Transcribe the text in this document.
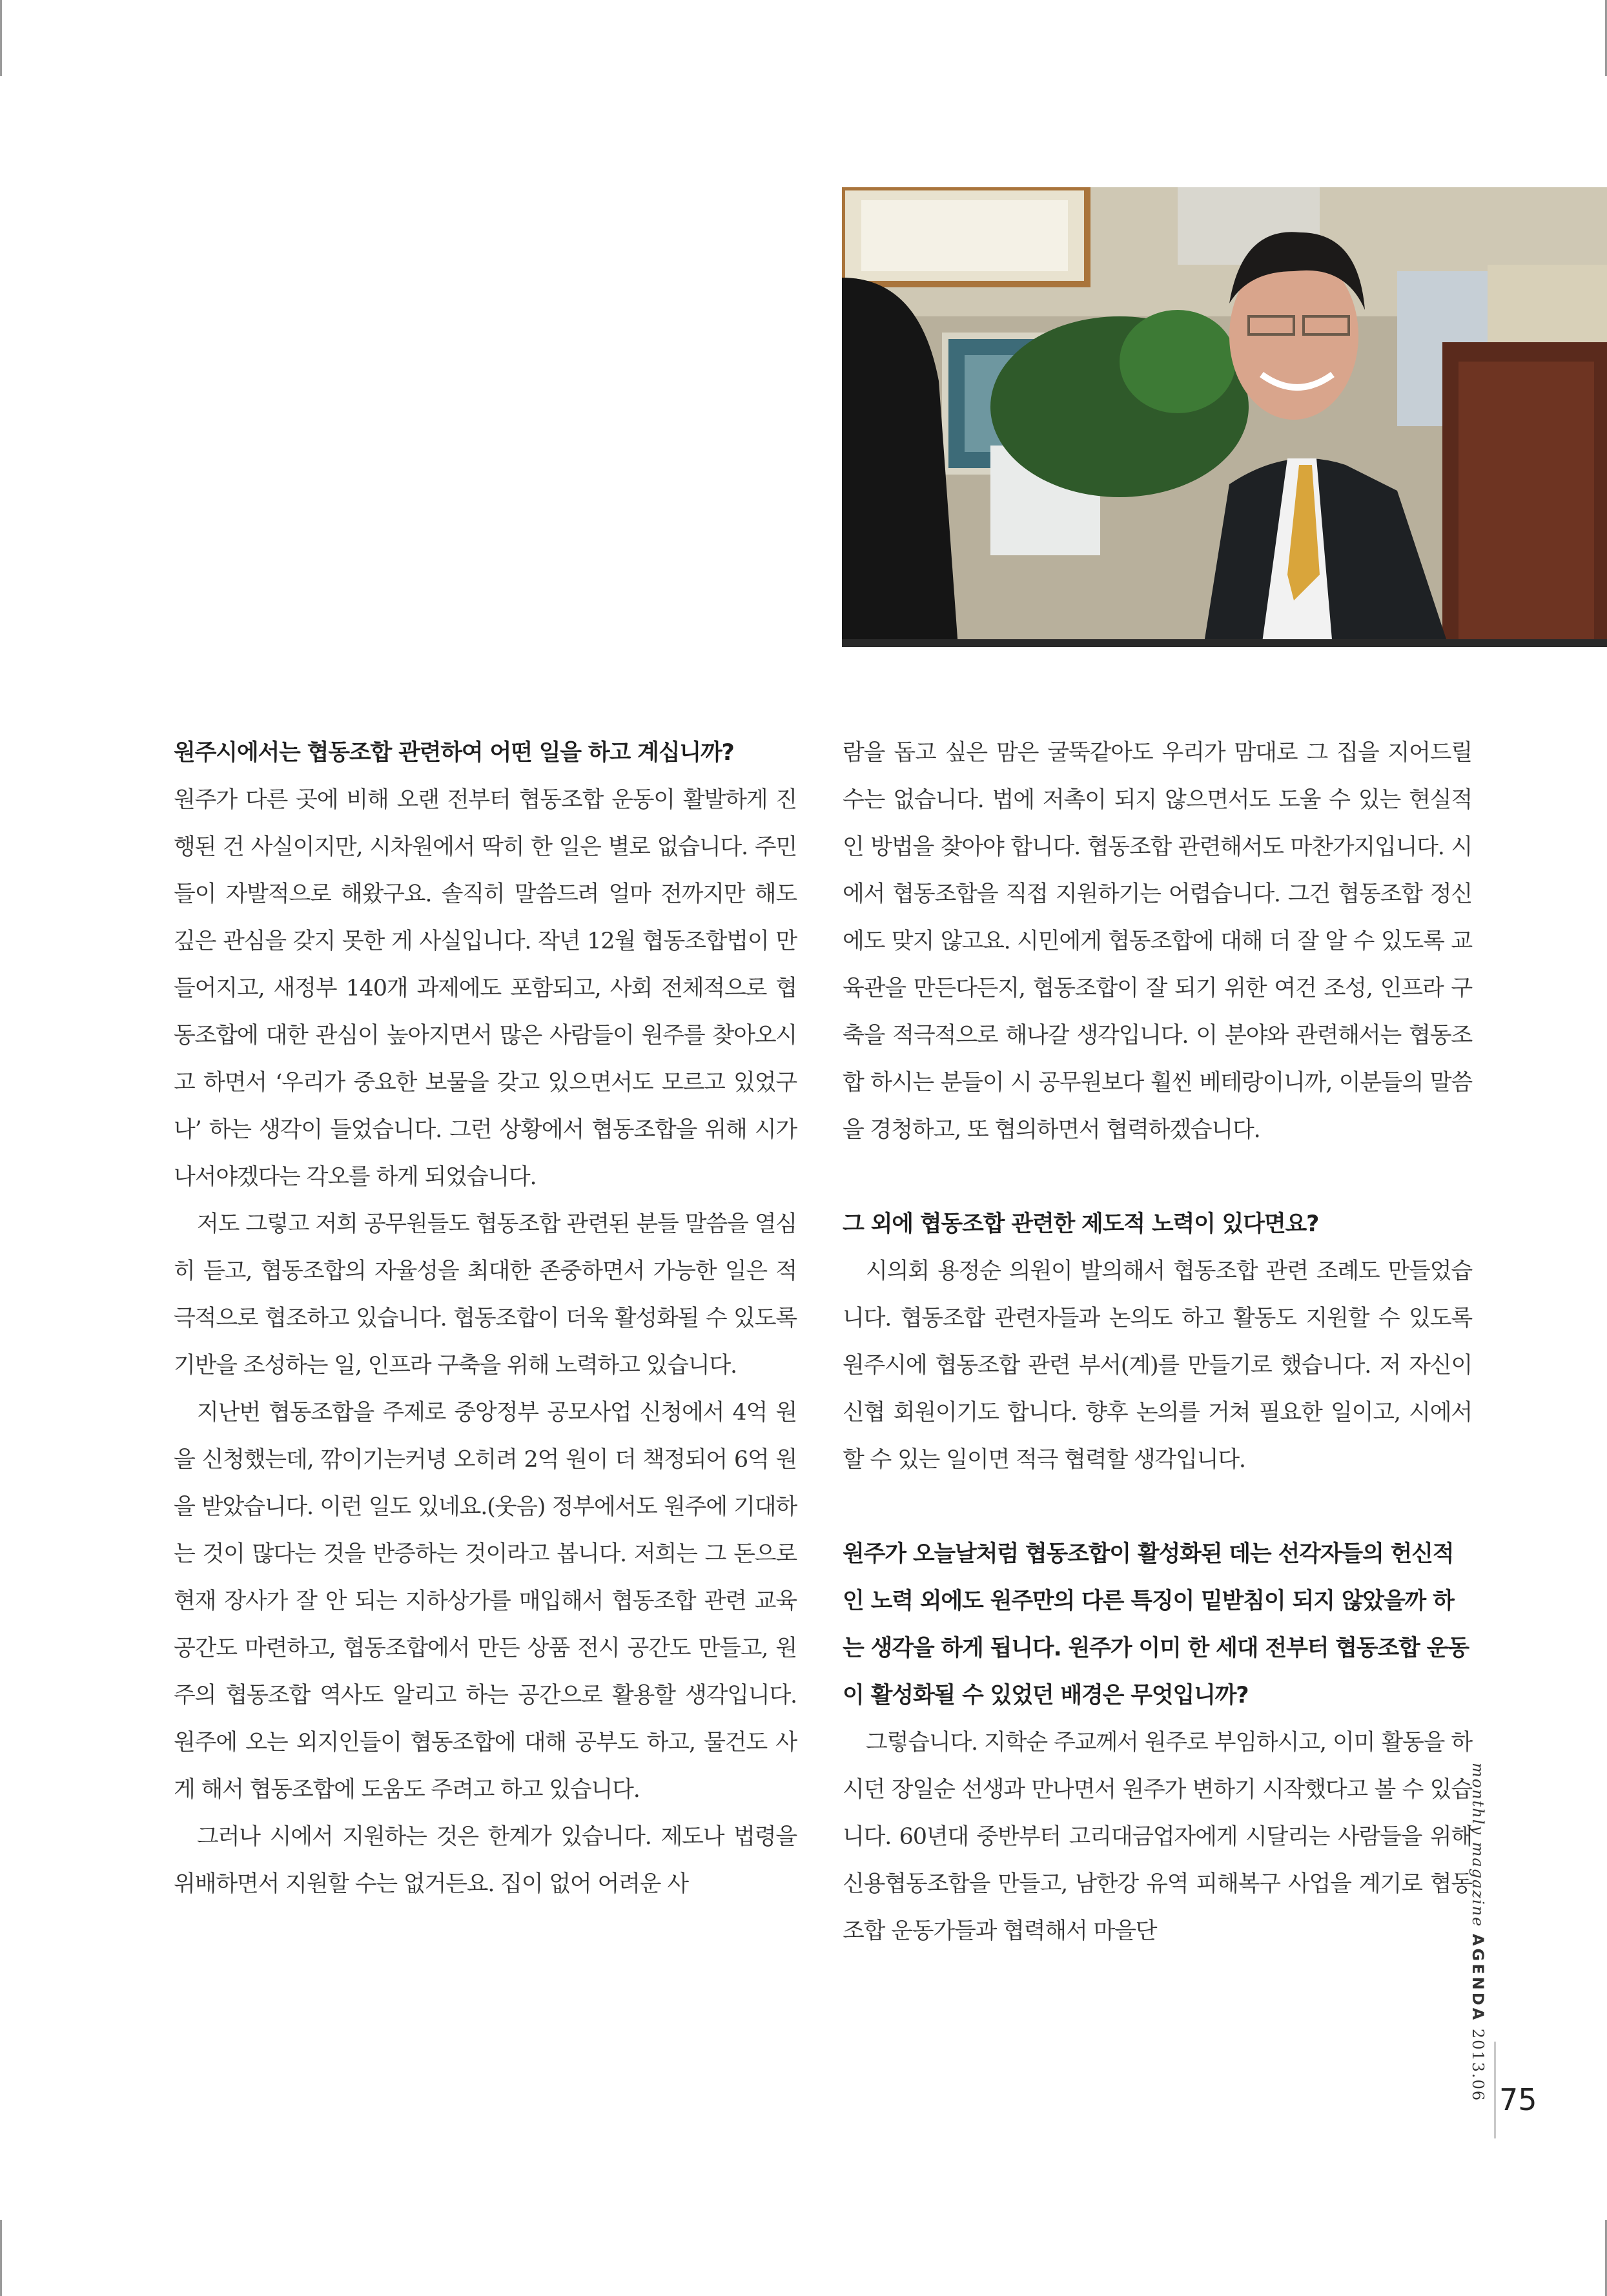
원주시에서는 협동조합 관련하여 어떤 일을 하고 계십니까?

원주가 다른 곳에 비해 오랜 전부터 협동조합 운동이 활발하게 진행된 건 사실이지만, 시차원에서 딱히 한 일은 별로 없습니다. 주민들이 자발적으로 해왔구요. 솔직히 말씀드려 얼마 전까지만 해도 깊은 관심을 갖지 못한 게 사실입니다. 작년 12월 협동조합법이 만들어지고, 새정부 140개 과제에도 포함되고, 사회 전체적으로 협동조합에 대한 관심이 높아지면서 많은 사람들이 원주를 찾아오시고 하면서 ‘우리가 중요한 보물을 갖고 있으면서도 모르고 있었구나’ 하는 생각이 들었습니다. 그런 상황에서 협동조합을 위해 시가 나서야겠다는 각오를 하게 되었습니다.

저도 그렇고 저희 공무원들도 협동조합 관련된 분들 말씀을 열심히 듣고, 협동조합의 자율성을 최대한 존중하면서 가능한 일은 적극적으로 협조하고 있습니다. 협동조합이 더욱 활성화될 수 있도록 기반을 조성하는 일, 인프라 구축을 위해 노력하고 있습니다.

지난번 협동조합을 주제로 중앙정부 공모사업 신청에서 4억 원을 신청했는데, 깎이기는커녕 오히려 2억 원이 더 책정되어 6억 원을 받았습니다. 이런 일도 있네요.(웃음) 정부에서도 원주에 기대하는 것이 많다는 것을 반증하는 것이라고 봅니다. 저희는 그 돈으로 현재 장사가 잘 안 되는 지하상가를 매입해서 협동조합 관련 교육 공간도 마련하고, 협동조합에서 만든 상품 전시 공간도 만들고, 원주의 협동조합 역사도 알리고 하는 공간으로 활용할 생각입니다. 원주에 오는 외지인들이 협동조합에 대해 공부도 하고, 물건도 사게 해서 협동조합에 도움도 주려고 하고 있습니다.

그러나 시에서 지원하는 것은 한계가 있습니다. 제도나 법령을 위배하면서 지원할 수는 없거든요. 집이 없어 어려운 사

람을 돕고 싶은 맘은 굴뚝같아도 우리가 맘대로 그 집을 지어드릴 수는 없습니다. 법에 저촉이 되지 않으면서도 도울 수 있는 현실적인 방법을 찾아야 합니다. 협동조합 관련해서도 마찬가지입니다. 시에서 협동조합을 직접 지원하기는 어렵습니다. 그건 협동조합 정신에도 맞지 않고요. 시민에게 협동조합에 대해 더 잘 알 수 있도록 교육관을 만든다든지, 협동조합이 잘 되기 위한 여건 조성, 인프라 구축을 적극적으로 해나갈 생각입니다. 이 분야와 관련해서는 협동조합 하시는 분들이 시 공무원보다 훨씬 베테랑이니까, 이분들의 말씀을 경청하고, 또 협의하면서 협력하겠습니다.

그 외에 협동조합 관련한 제도적 노력이 있다면요?

시의회 용정순 의원이 발의해서 협동조합 관련 조례도 만들었습니다. 협동조합 관련자들과 논의도 하고 활동도 지원할 수 있도록 원주시에 협동조합 관련 부서(계)를 만들기로 했습니다. 저 자신이 신협 회원이기도 합니다. 향후 논의를 거쳐 필요한 일이고, 시에서 할 수 있는 일이면 적극 협력할 생각입니다.

원주가 오늘날처럼 협동조합이 활성화된 데는 선각자들의 헌신적인 노력 외에도 원주만의 다른 특징이 밑받침이 되지 않았을까 하는 생각을 하게 됩니다. 원주가 이미 한 세대 전부터 협동조합 운동이 활성화될 수 있었던 배경은 무엇입니까?

그렇습니다. 지학순 주교께서 원주로 부임하시고, 이미 활동을 하시던 장일순 선생과 만나면서 원주가 변하기 시작했다고 볼 수 있습니다. 60년대 중반부터 고리대금업자에게 시달리는 사람들을 위해 신용협동조합을 만들고, 남한강 유역 피해복구 사업을 계기로 협동조합 운동가들과 협력해서 마을단	monthly magazine AGENDA 2013.06 75
